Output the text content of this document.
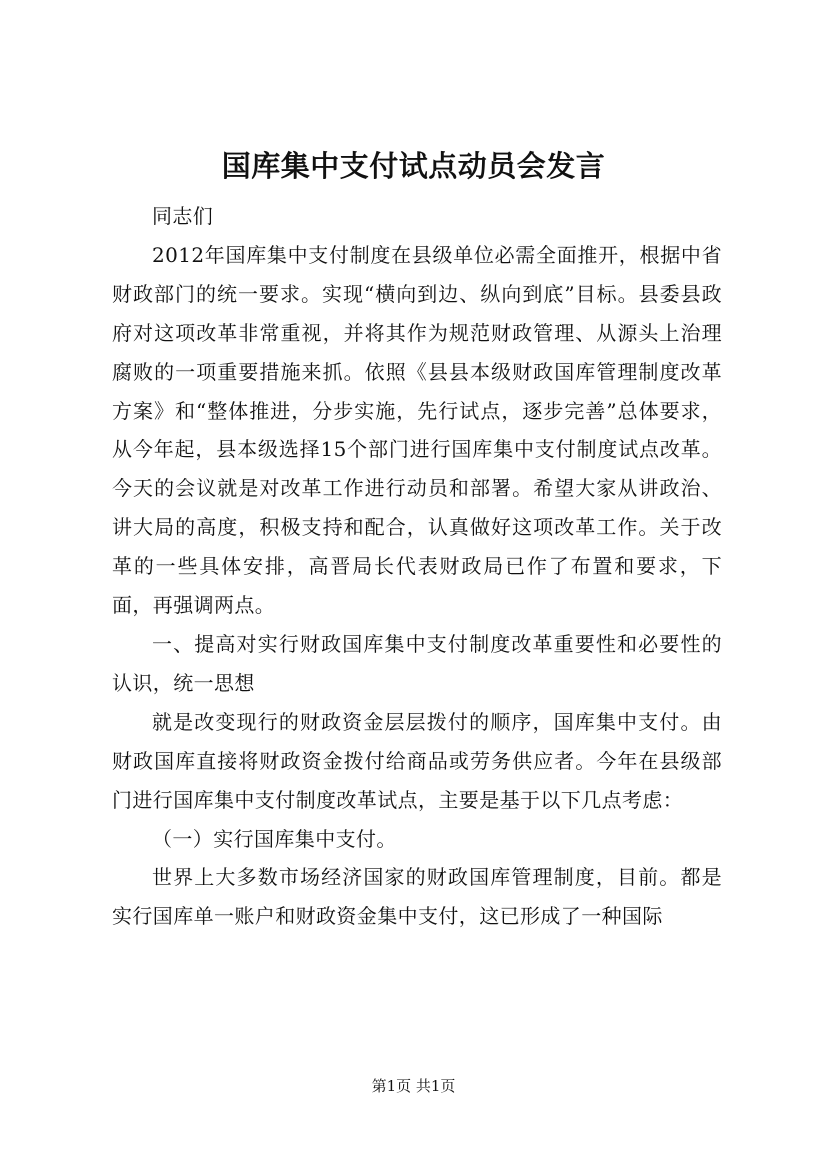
国库集中支付试点动员会发言

同志们

2012年国库集中支付制度在县级单位必需全面推开，根据中省财政部门的统一要求。实现“横向到边、纵向到底”目标。县委县政府对这项改革非常重视，并将其作为规范财政管理、从源头上治理腐败的一项重要措施来抓。依照《县县本级财政国库管理制度改革方案》和“整体推进，分步实施，先行试点，逐步完善”总体要求，从今年起，县本级选择15个部门进行国库集中支付制度试点改革。今天的会议就是对改革工作进行动员和部署。希望大家从讲政治、讲大局的高度，积极支持和配合，认真做好这项改革工作。关于改革的一些具体安排，高晋局长代表财政局已作了布置和要求，下面，再强调两点。

一、提高对实行财政国库集中支付制度改革重要性和必要性的认识，统一思想

就是改变现行的财政资金层层拨付的顺序，国库集中支付。由财政国库直接将财政资金拨付给商品或劳务供应者。今年在县级部门进行国库集中支付制度改革试点，主要是基于以下几点考虑：

（一）实行国库集中支付。

世界上大多数市场经济国家的财政国库管理制度，目前。都是实行国库单一账户和财政资金集中支付，这已形成了一种国际

第1页 共1页
